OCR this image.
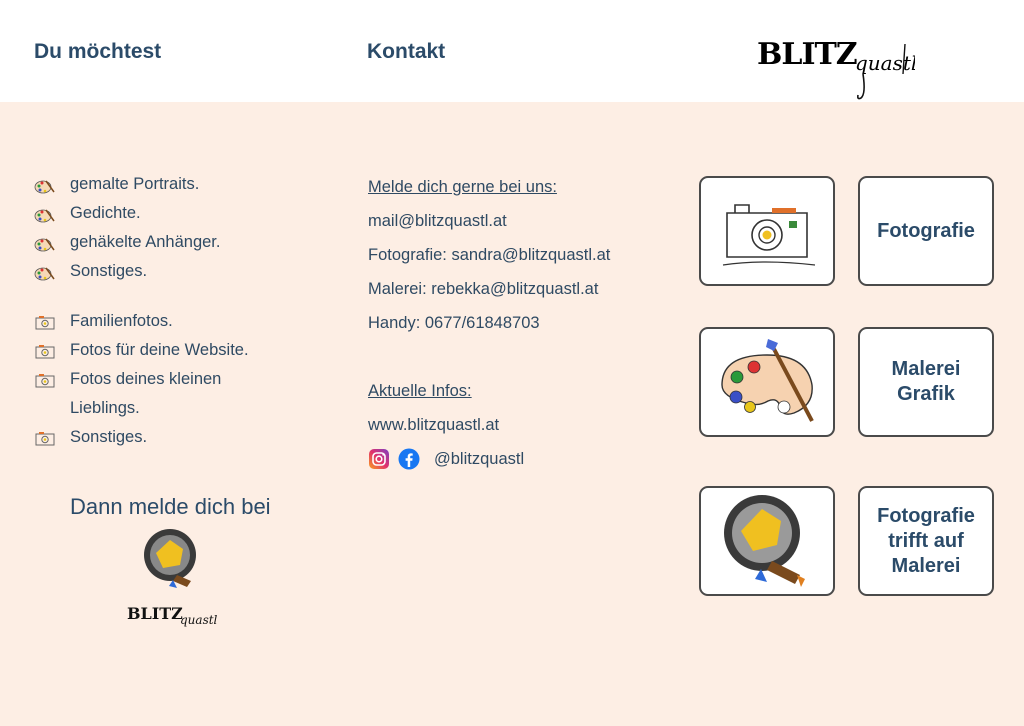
Du möchtest	Kontakt	BLITZ
quastl
gemalte Portraits.
Gedichte.
gehäkelte Anhänger.
Sonstiges.
Familienfotos.
Fotos für deine Website.
Fotos deines kleinen
Lieblings.
Sonstiges.
Dann melde dich bei
BLITZ
quastl
Melde dich gerne bei uns:
mail@blitzquastl.at
Fotografie: sandra@blitzquastl.at
Malerei: rebekka@blitzquastl.at
Handy: 0677/61848703
Aktuelle Infos:
www.blitzquastl.at
@blitzquastl
Fotografie
Malerei
Grafik
Fotografie
trifft auf
Malerei
